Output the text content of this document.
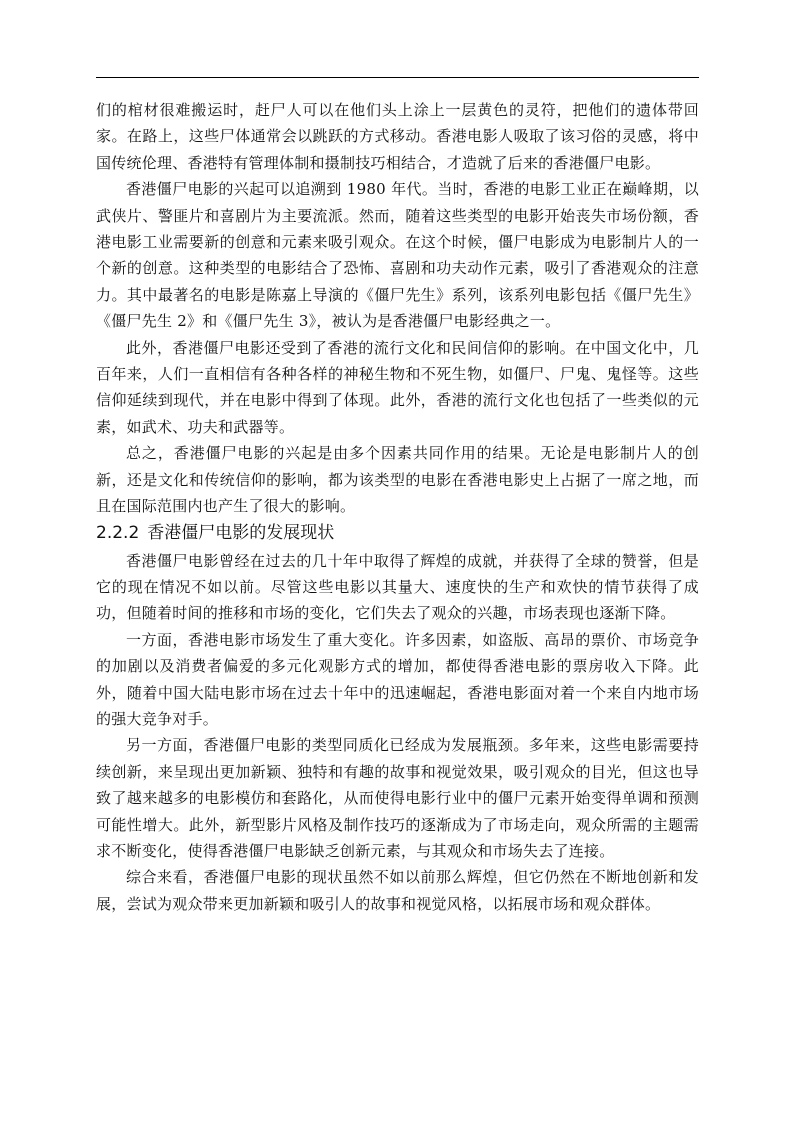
们的棺材很难搬运时，赶尸人可以在他们头上涂上一层黄色的灵符，把他们的遗体带回家。在路上，这些尸体通常会以跳跃的方式移动。香港电影人吸取了该习俗的灵感，将中国传统伦理、香港特有管理体制和摄制技巧相结合，才造就了后来的香港僵尸电影。

香港僵尸电影的兴起可以追溯到 1980 年代。当时，香港的电影工业正在巅峰期，以武侠片、警匪片和喜剧片为主要流派。然而，随着这些类型的电影开始丧失市场份额，香港电影工业需要新的创意和元素来吸引观众。在这个时候，僵尸电影成为电影制片人的一个新的创意。这种类型的电影结合了恐怖、喜剧和功夫动作元素，吸引了香港观众的注意力。其中最著名的电影是陈嘉上导演的《僵尸先生》系列，该系列电影包括《僵尸先生》《僵尸先生 2》和《僵尸先生 3》，被认为是香港僵尸电影经典之一。

此外，香港僵尸电影还受到了香港的流行文化和民间信仰的影响。在中国文化中，几百年来，人们一直相信有各种各样的神秘生物和不死生物，如僵尸、尸鬼、鬼怪等。这些信仰延续到现代，并在电影中得到了体现。此外，香港的流行文化也包括了一些类似的元素，如武术、功夫和武器等。

总之，香港僵尸电影的兴起是由多个因素共同作用的结果。无论是电影制片人的创新，还是文化和传统信仰的影响，都为该类型的电影在香港电影史上占据了一席之地，而且在国际范围内也产生了很大的影响。

2.2.2 香港僵尸电影的发展现状

香港僵尸电影曾经在过去的几十年中取得了辉煌的成就，并获得了全球的赞誉，但是它的现在情况不如以前。尽管这些电影以其量大、速度快的生产和欢快的情节获得了成功，但随着时间的推移和市场的变化，它们失去了观众的兴趣，市场表现也逐渐下降。

一方面，香港电影市场发生了重大变化。许多因素，如盗版、高昂的票价、市场竞争的加剧以及消费者偏爱的多元化观影方式的增加，都使得香港电影的票房收入下降。此外，随着中国大陆电影市场在过去十年中的迅速崛起，香港电影面对着一个来自内地市场的强大竞争对手。

另一方面，香港僵尸电影的类型同质化已经成为发展瓶颈。多年来，这些电影需要持续创新，来呈现出更加新颖、独特和有趣的故事和视觉效果，吸引观众的目光，但这也导致了越来越多的电影模仿和套路化，从而使得电影行业中的僵尸元素开始变得单调和预测可能性增大。此外，新型影片风格及制作技巧的逐渐成为了市场走向，观众所需的主题需求不断变化，使得香港僵尸电影缺乏创新元素，与其观众和市场失去了连接。

综合来看，香港僵尸电影的现状虽然不如以前那么辉煌，但它仍然在不断地创新和发展，尝试为观众带来更加新颖和吸引人的故事和视觉风格，以拓展市场和观众群体。
